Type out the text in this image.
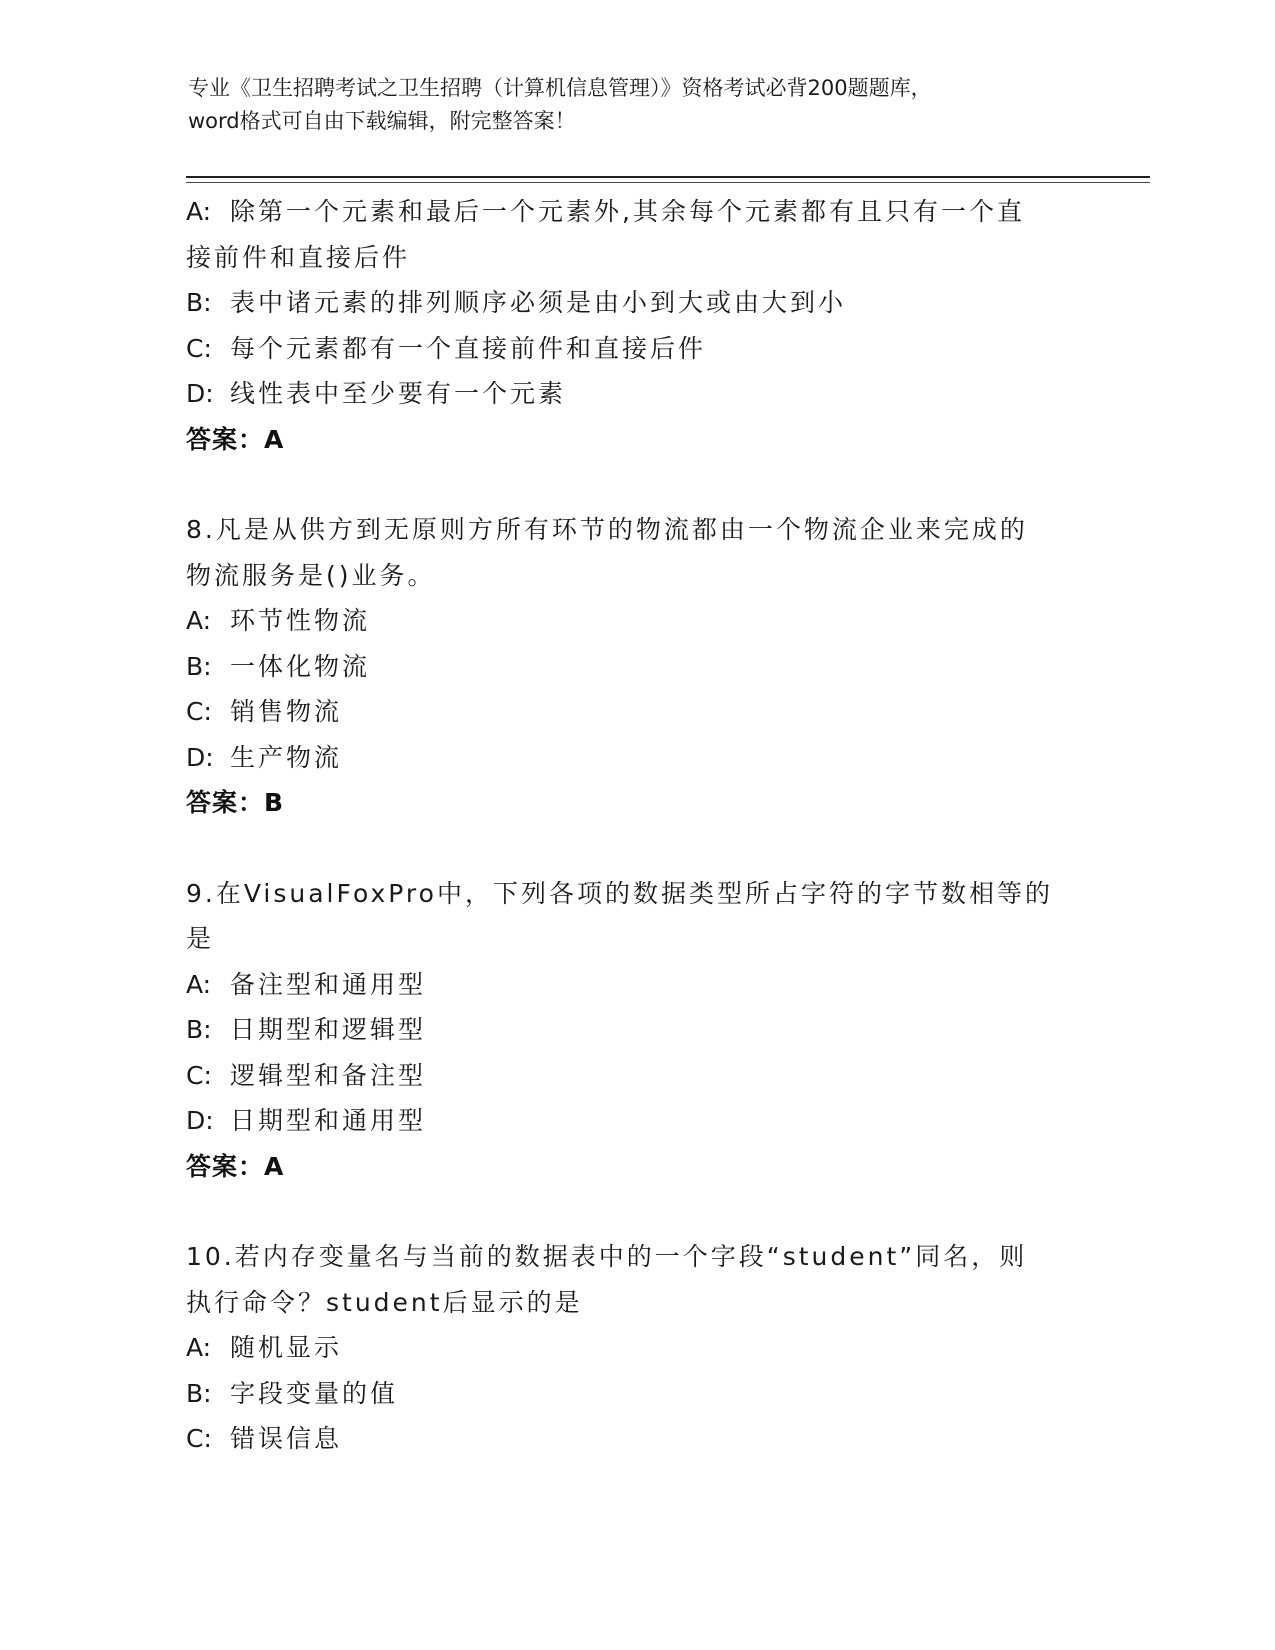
专业《卫生招聘考试之卫生招聘（计算机信息管理）》资格考试必背200题题库，
word格式可自由下载编辑，附完整答案！
A: 除第一个元素和最后一个元素外,其余每个元素都有且只有一个直
接前件和直接后件
B: 表中诸元素的排列顺序必须是由小到大或由大到小
C: 每个元素都有一个直接前件和直接后件
D: 线性表中至少要有一个元素
答案：A
8.凡是从供方到无原则方所有环节的物流都由一个物流企业来完成的
物流服务是()业务。
A: 环节性物流
B: 一体化物流
C: 销售物流
D: 生产物流
答案：B
9.在VisualFoxPro中，下列各项的数据类型所占字符的字节数相等的
是
A: 备注型和通用型
B: 日期型和逻辑型
C: 逻辑型和备注型
D: 日期型和通用型
答案：A
10.若内存变量名与当前的数据表中的一个字段“student”同名，则
执行命令？student后显示的是
A: 随机显示
B: 字段变量的值
C: 错误信息
